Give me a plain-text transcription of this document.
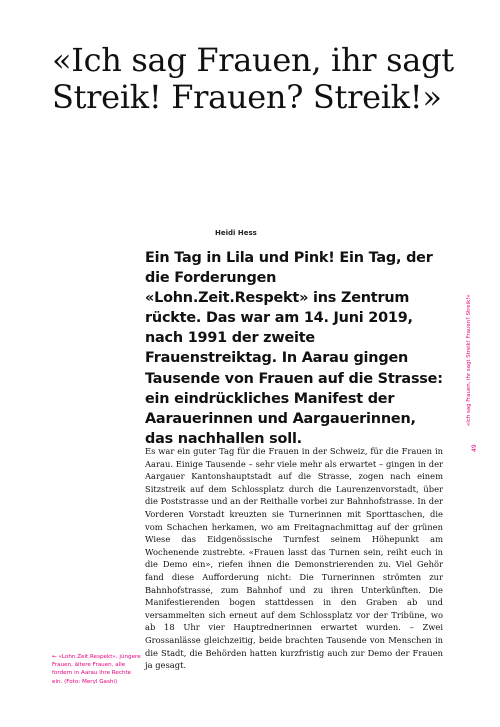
«Ich sag Frauen, ihr sagt Streik! Frauen? Streik!»
Heidi Hess

Ein Tag in Lila und Pink! Ein Tag, der die Forderungen «Lohn.Zeit.Respekt» ins Zentrum rückte. Das war am 14. Juni 2019, nach 1991 der zweite Frauenstreiktag. In Aarau gingen Tausende von Frauen auf die Strasse: ein eindrückliches Manifest der Aarauerinnen und Aargauerinnen, das nachhallen soll.

Es war ein guter Tag für die Frauen in der Schweiz, für die Frauen in Aarau. Einige Tausende – sehr viele mehr als erwartet – gingen in der Aargauer Kantonshauptstadt auf die Strasse, zogen nach einem Sitzstreik auf dem Schlossplatz durch die Laurenzenvorstadt, über die Poststrasse und an der Reithalle vorbei zur Bahnhofstrasse. In der Vorderen Vorstadt kreuzten sie Turnerinnen mit Sporttaschen, die vom Schachen herkamen, wo am Freitagnachmittag auf der grünen Wiese das Eidgenössische Turnfest seinem Höhepunkt am Wochenende zustrebte. «Frauen lasst das Turnen sein, reiht euch in die Demo ein», riefen ihnen die Demonstrierenden zu. Viel Gehör fand diese Aufforderung nicht: Die Turnerinnen strömten zur Bahnhofstrasse, zum Bahnhof und zu ihren Unterkünften. Die Manifestierenden bogen stattdessen in den Graben ab und versammelten sich erneut auf dem Schlossplatz vor der Tribüne, wo ab 18 Uhr vier Hauptrednerinnen erwartet wurden. – Zwei Grossanlässe gleichzeitig, beide brachten Tausende von Menschen in die Stadt, die Behörden hatten kurzfristig auch zur Demo der Frauen ja gesagt.

← «Lohn.Zeit.Respekt», jüngere Frauen, ältere Frauen, alle fordern in Aarau ihre Rechte ein. (Foto: Meryl Gashi)

«Ich sag Frauen, ihr sagt Streik! Frauen? Streik!»
49
